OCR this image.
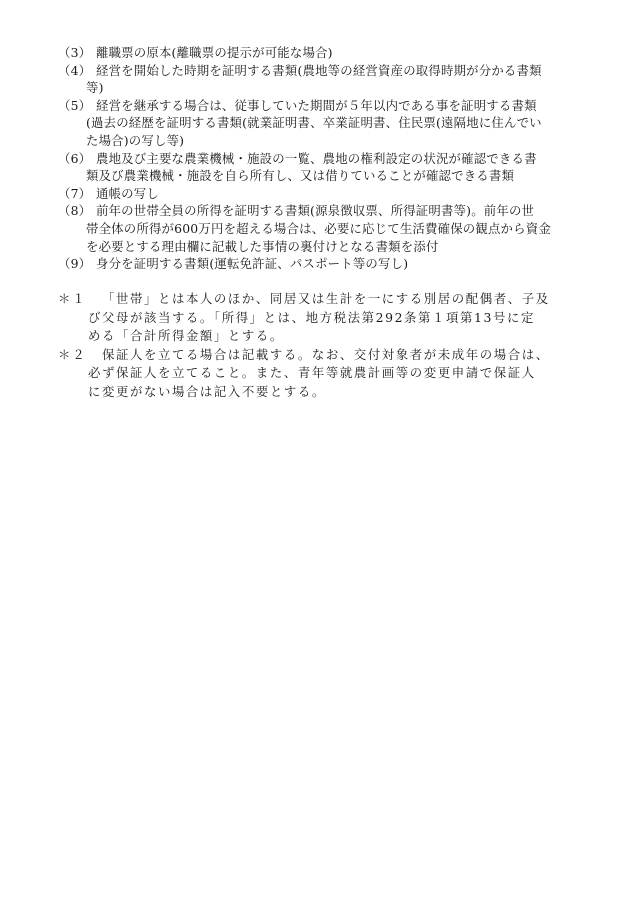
（3） 離職票の原本(離職票の提示が可能な場合)
（4） 経営を開始した時期を証明する書類(農地等の経営資産の取得時期が分かる書類
等)
（5） 経営を継承する場合は、従事していた期間が５年以内である事を証明する書類
(過去の経歴を証明する書類(就業証明書、卒業証明書、住民票(遠隔地に住んでい
た場合)の写し等)
（6） 農地及び主要な農業機械・施設の一覧、農地の権利設定の状況が確認できる書
類及び農業機械・施設を自ら所有し、又は借りていることが確認できる書類
（7） 通帳の写し
（8） 前年の世帯全員の所得を証明する書類(源泉徴収票、所得証明書等)。前年の世
帯全体の所得が600万円を超える場合は、必要に応じて生活費確保の観点から資金
を必要とする理由欄に記載した事情の裏付けとなる書類を添付
（9） 身分を証明する書類(運転免許証、パスポート等の写し)
＊１	「世帯」とは本人のほか、同居又は生計を一にする別居の配偶者、子及
び父母が該当する。「所得」とは、地方税法第292条第１項第13号に定
める「合計所得金額」とする。
＊２	保証人を立てる場合は記載する。なお、交付対象者が未成年の場合は、
必ず保証人を立てること。また、青年等就農計画等の変更申請で保証人
に変更がない場合は記入不要とする。
